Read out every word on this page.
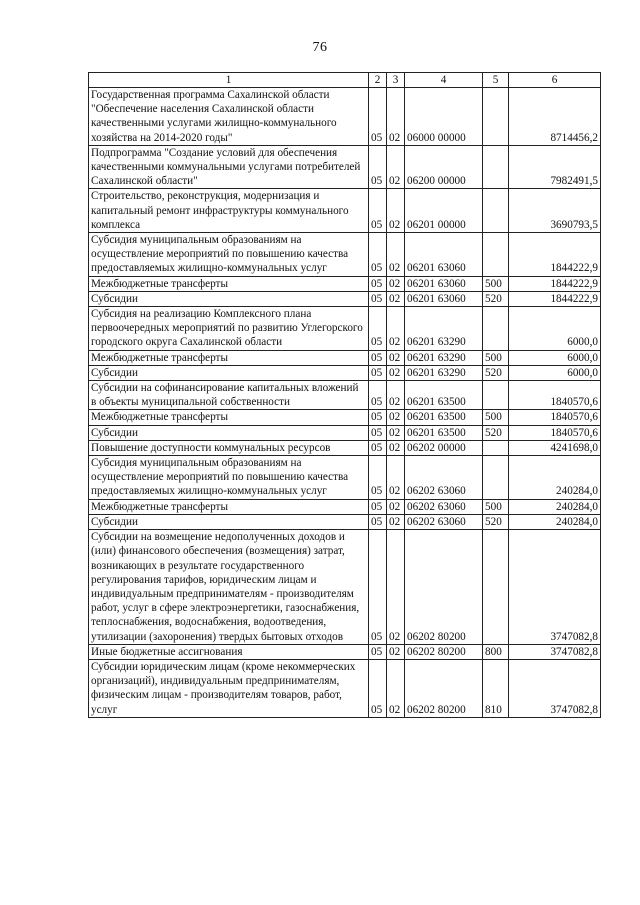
76
1	2	3	4	5	6
Государственная программа Сахалинской области "Обеспечение населения Сахалинской области качественными услугами жилищно-коммунального хозяйства на 2014-2020 годы"	05	02	06000 00000		8714456,2
Подпрограмма "Создание условий для обеспечения качественными коммунальными услугами потребителей Сахалинской области"	05	02	06200 00000		7982491,5
Строительство, реконструкция, модернизация и капитальный ремонт инфраструктуры коммунального комплекса	05	02	06201 00000		3690793,5
Субсидия муниципальным образованиям на осуществление мероприятий по повышению качества предоставляемых жилищно-коммунальных услуг	05	02	06201 63060		1844222,9
Межбюджетные трансферты	05	02	06201 63060	500	1844222,9
Субсидии	05	02	06201 63060	520	1844222,9
Субсидия на реализацию Комплексного плана первоочередных мероприятий по развитию Углегорского городского округа Сахалинской области	05	02	06201 63290		6000,0
Межбюджетные трансферты	05	02	06201 63290	500	6000,0
Субсидии	05	02	06201 63290	520	6000,0
Субсидии на софинансирование капитальных вложений в объекты муниципальной собственности	05	02	06201 63500		1840570,6
Межбюджетные трансферты	05	02	06201 63500	500	1840570,6
Субсидии	05	02	06201 63500	520	1840570,6
Повышение доступности коммунальных ресурсов	05	02	06202 00000		4241698,0
Субсидия муниципальным образованиям на осуществление мероприятий по повышению качества предоставляемых жилищно-коммунальных услуг	05	02	06202 63060		240284,0
Межбюджетные трансферты	05	02	06202 63060	500	240284,0
Субсидии	05	02	06202 63060	520	240284,0
Субсидии на возмещение недополученных доходов и (или) финансового обеспечения (возмещения) затрат, возникающих в результате государственного регулирования тарифов, юридическим лицам и индивидуальным предпринимателям - производителям работ, услуг в сфере электроэнергетики, газоснабжения, теплоснабжения, водоснабжения, водоотведения, утилизации (захоронения) твердых бытовых отходов	05	02	06202 80200		3747082,8
Иные бюджетные ассигнования	05	02	06202 80200	800	3747082,8
Субсидии юридическим лицам (кроме некоммерческих организаций), индивидуальным предпринимателям, физическим лицам - производителям товаров, работ, услуг	05	02	06202 80200	810	3747082,8
